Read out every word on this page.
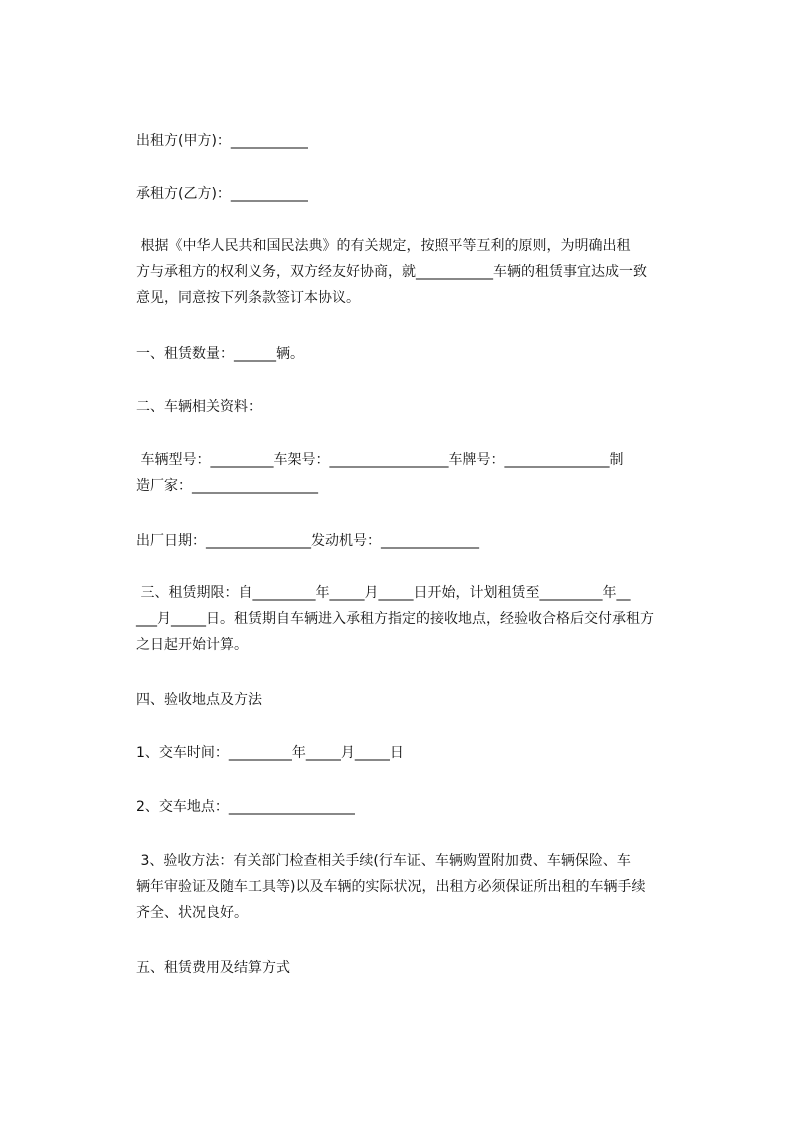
出租方(甲方)：___________
承租方(乙方)：___________
根据《中华人民共和国民法典》的有关规定，按照平等互利的原则，为明确出租
方与承租方的权利义务，双方经友好协商，就___________车辆的租赁事宜达成一致
意见，同意按下列条款签订本协议。
一、租赁数量：______辆。
二、车辆相关资料：
车辆型号：_________车架号：_________________车牌号：_______________制
造厂家：__________________
出厂日期：_______________发动机号：______________
三、租赁期限：自_________年_____月_____日开始，计划租赁至_________年__
___月_____日。租赁期自车辆进入承租方指定的接收地点，经验收合格后交付承租方
之日起开始计算。
四、验收地点及方法
1、交车时间：_________年_____月_____日
2、交车地点：__________________
3、验收方法：有关部门检查相关手续(行车证、车辆购置附加费、车辆保险、车
辆年审验证及随车工具等)以及车辆的实际状况，出租方必须保证所出租的车辆手续
齐全、状况良好。
五、租赁费用及结算方式
